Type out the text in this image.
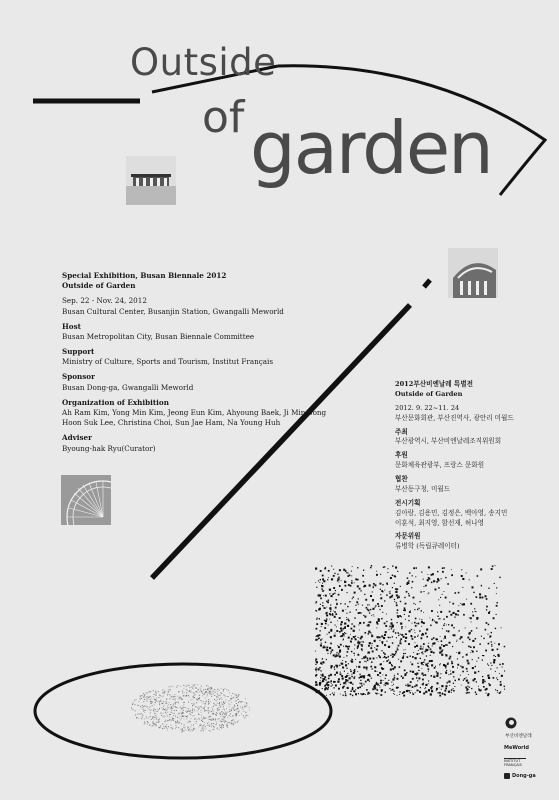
Outside
of garden
Special Exhibition, Busan Biennale 2012
Outside of Garden
Sep. 22 - Nov. 24, 2012
Busan Cultural Center, Busanjin Station, Gwangalli Meworld
Host
Busan Metropolitan City, Busan Biennale Committee
Support
Ministry of Culture, Sports and Tourism, Institut Français
Sponsor
Busan Dong-ga, Gwangalli Meworld
Organization of Exhibition
Ah Ram Kim, Yong Min Kim, Jeong Eun Kim, Ahyoung Baek, Ji Min Song
Hoon Suk Lee, Christina Choi, Sun Jae Ham, Na Young Huh
Adviser
Byoung-hak Ryu(Curator)
2012부산비엔날레 특별전
Outside of Garden
2012. 9. 22~11. 24
부산문화회관, 부산진역사, 광안리 미월드
주최
부산광역시, 부산비엔날레조직위원회
후원
문화체육관광부, 프랑스 문화원
협찬
부산동구청, 미월드
전시기획
김아람, 김용민, 김정은, 백아영, 송지민
이훈석, 최지영, 함선재, 허나영
자문위원
류병학 (독립큐레이터)
부산비엔날레
MeWorld
INSTITUT FRANÇAIS
Dong-ga
